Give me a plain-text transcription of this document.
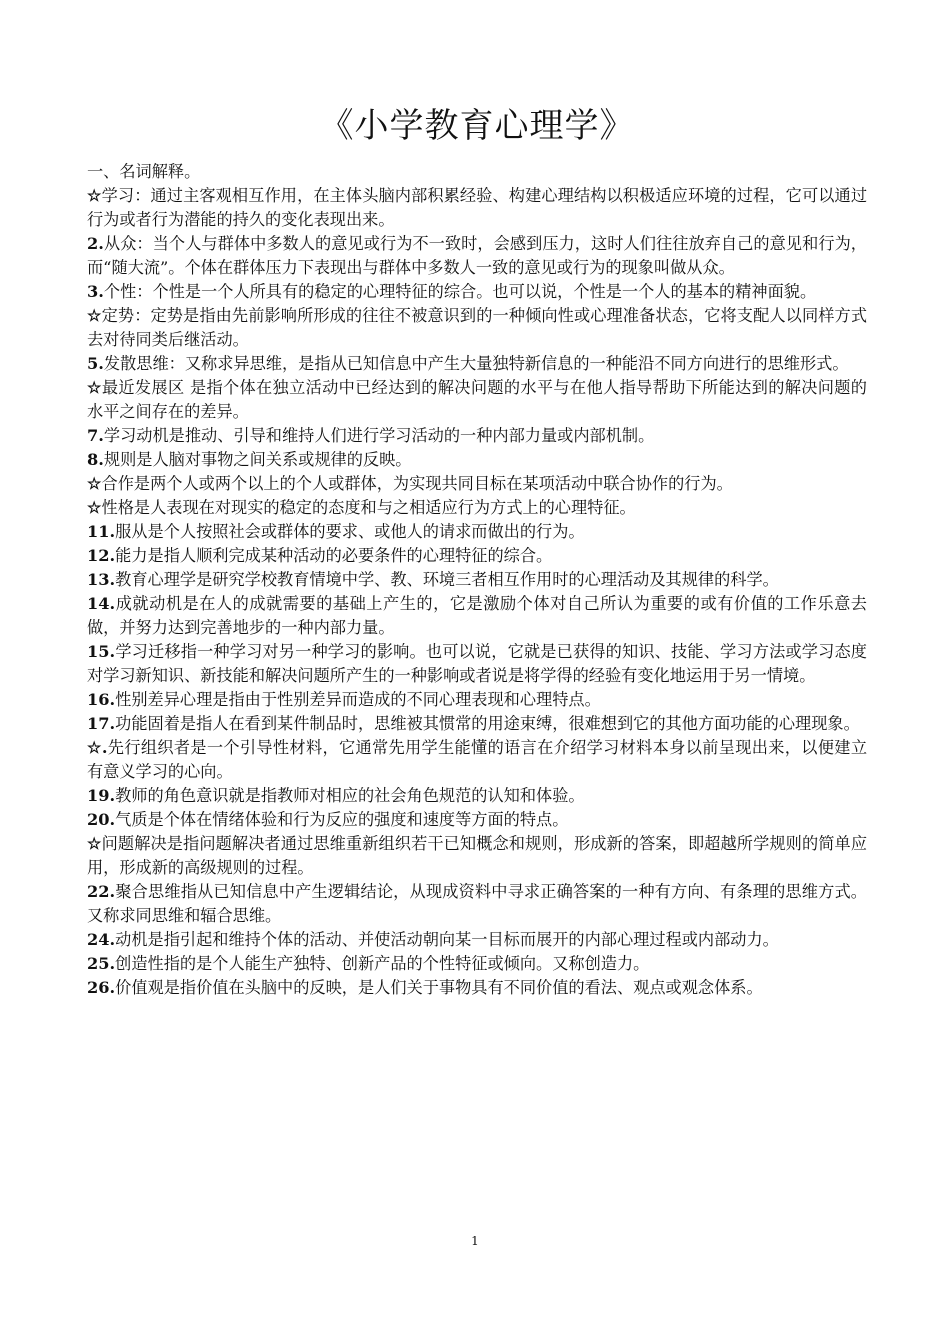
《小学教育心理学》

一、名词解释。

☆学习：通过主客观相互作用，在主体头脑内部积累经验、构建心理结构以积极适应环境的过程，它可以通过行为或者行为潜能的持久的变化表现出来。

2.从众：当个人与群体中多数人的意见或行为不一致时，会感到压力，这时人们往往放弃自己的意见和行为，而“随大流”。个体在群体压力下表现出与群体中多数人一致的意见或行为的现象叫做从众。

3.个性：个性是一个人所具有的稳定的心理特征的综合。也可以说，个性是一个人的基本的精神面貌。

☆定势：定势是指由先前影响所形成的往往不被意识到的一种倾向性或心理准备状态，它将支配人以同样方式去对待同类后继活动。

5.发散思维：又称求异思维，是指从已知信息中产生大量独特新信息的一种能沿不同方向进行的思维形式。

☆最近发展区 是指个体在独立活动中已经达到的解决问题的水平与在他人指导帮助下所能达到的解决问题的水平之间存在的差异。

7.学习动机是推动、引导和维持人们进行学习活动的一种内部力量或内部机制。

8.规则是人脑对事物之间关系或规律的反映。

☆合作是两个人或两个以上的个人或群体，为实现共同目标在某项活动中联合协作的行为。

☆性格是人表现在对现实的稳定的态度和与之相适应行为方式上的心理特征。

11.服从是个人按照社会或群体的要求、或他人的请求而做出的行为。

12.能力是指人顺利完成某种活动的必要条件的心理特征的综合。

13.教育心理学是研究学校教育情境中学、教、环境三者相互作用时的心理活动及其规律的科学。

14.成就动机是在人的成就需要的基础上产生的，它是激励个体对自己所认为重要的或有价值的工作乐意去做，并努力达到完善地步的一种内部力量。

15.学习迁移指一种学习对另一种学习的影响。也可以说，它就是已获得的知识、技能、学习方法或学习态度对学习新知识、新技能和解决问题所产生的一种影响或者说是将学得的经验有变化地运用于另一情境。

16.性别差异心理是指由于性别差异而造成的不同心理表现和心理特点。

17.功能固着是指人在看到某件制品时，思维被其惯常的用途束缚，很难想到它的其他方面功能的心理现象。

☆.先行组织者是一个引导性材料，它通常先用学生能懂的语言在介绍学习材料本身以前呈现出来，以便建立有意义学习的心向。

19.教师的角色意识就是指教师对相应的社会角色规范的认知和体验。

20.气质是个体在情绪体验和行为反应的强度和速度等方面的特点。

☆问题解决是指问题解决者通过思维重新组织若干已知概念和规则，形成新的答案，即超越所学规则的简单应用，形成新的高级规则的过程。

22.聚合思维指从已知信息中产生逻辑结论，从现成资料中寻求正确答案的一种有方向、有条理的思维方式。又称求同思维和辐合思维。

24.动机是指引起和维持个体的活动、并使活动朝向某一目标而展开的内部心理过程或内部动力。

25.创造性指的是个人能生产独特、创新产品的个性特征或倾向。又称创造力。

26.价值观是指价值在头脑中的反映，是人们关于事物具有不同价值的看法、观点或观念体系。

1
